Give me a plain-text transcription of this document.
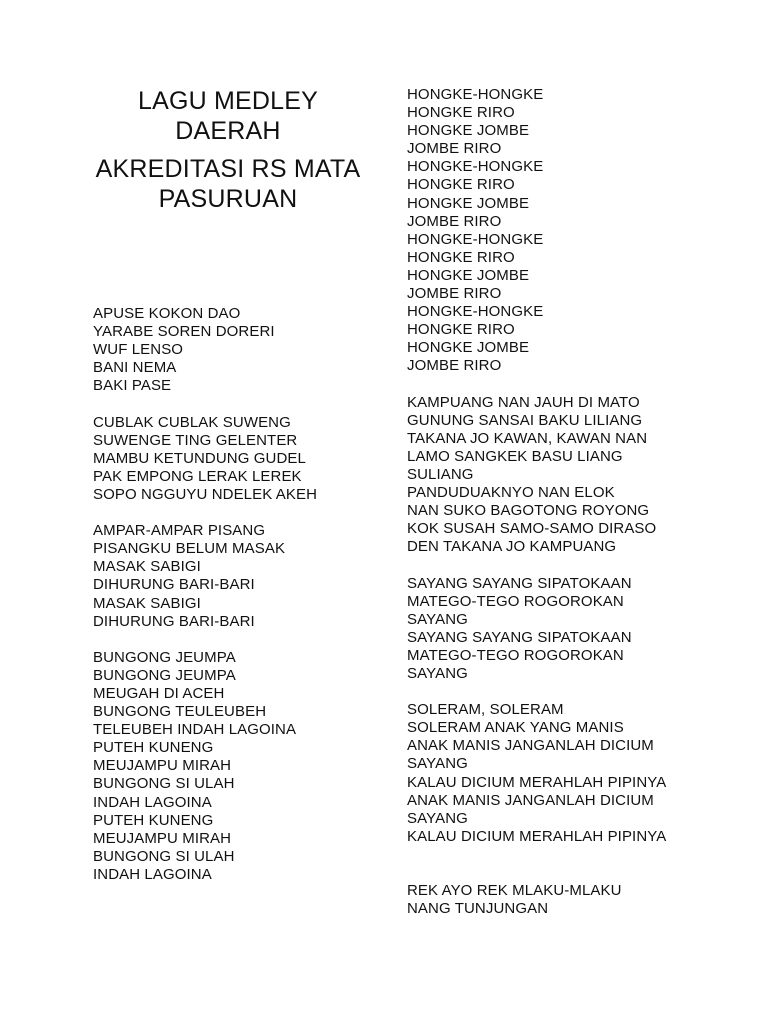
LAGU MEDLEY
DAERAH
AKREDITASI RS MATA
PASURUAN
APUSE KOKON DAO
YARABE SOREN DORERI
WUF LENSO
BANI NEMA
BAKI PASE
CUBLAK CUBLAK SUWENG
SUWENGE TING GELENTER
MAMBU KETUNDUNG GUDEL
PAK EMPONG LERAK LEREK
SOPO NGGUYU NDELEK AKEH
AMPAR-AMPAR PISANG
PISANGKU BELUM MASAK
MASAK SABIGI
DIHURUNG BARI-BARI
MASAK SABIGI
DIHURUNG BARI-BARI
BUNGONG JEUMPA
BUNGONG JEUMPA
MEUGAH DI ACEH
BUNGONG TEULEUBEH
TELEUBEH INDAH LAGOINA
PUTEH KUNENG
MEUJAMPU MIRAH
BUNGONG SI ULAH
INDAH LAGOINA
PUTEH KUNENG
MEUJAMPU MIRAH
BUNGONG SI ULAH
INDAH LAGOINA
HONGKE-HONGKE
HONGKE RIRO
HONGKE JOMBE
JOMBE RIRO
HONGKE-HONGKE
HONGKE RIRO
HONGKE JOMBE
JOMBE RIRO
HONGKE-HONGKE
HONGKE RIRO
HONGKE JOMBE
JOMBE RIRO
HONGKE-HONGKE
HONGKE RIRO
HONGKE JOMBE
JOMBE RIRO
KAMPUANG NAN JAUH DI MATO
GUNUNG SANSAI BAKU LILIANG
TAKANA JO KAWAN, KAWAN NAN
LAMO SANGKEK BASU LIANG
SULIANG
PANDUDUAKNYO NAN ELOK
NAN SUKO BAGOTONG ROYONG
KOK SUSAH SAMO-SAMO DIRASO
DEN TAKANA JO KAMPUANG
SAYANG SAYANG SIPATOKAAN
MATEGO-TEGO ROGOROKAN
SAYANG
SAYANG SAYANG SIPATOKAAN
MATEGO-TEGO ROGOROKAN
SAYANG
SOLERAM, SOLERAM
SOLERAM ANAK YANG MANIS
ANAK MANIS JANGANLAH DICIUM
SAYANG
KALAU DICIUM MERAHLAH PIPINYA
ANAK MANIS JANGANLAH DICIUM
SAYANG
KALAU DICIUM MERAHLAH PIPINYA
REK AYO REK MLAKU-MLAKU
NANG TUNJUNGAN
